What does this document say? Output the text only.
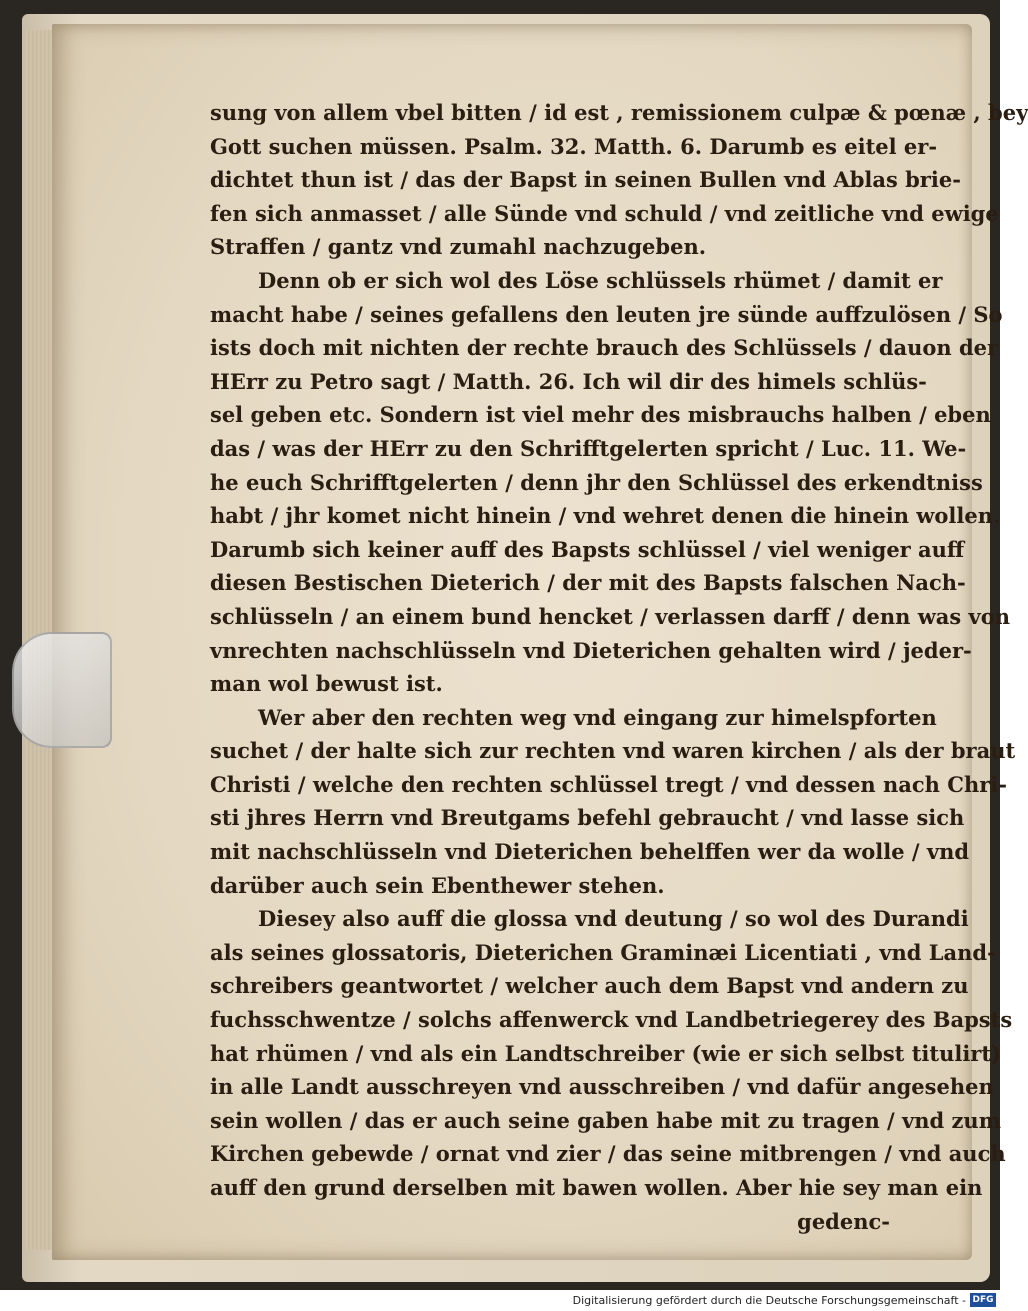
sung von allem vbel bitten / id est , remissionem culpæ & pœnæ , bey
Gott suchen müssen. Psalm. 32. Matth. 6. Darumb es eitel er-
dichtet thun ist / das der Bapst in seinen Bullen vnd Ablas brie-
fen sich anmasset / alle Sünde vnd schuld / vnd zeitliche vnd ewige
Straffen / gantz vnd zumahl nachzugeben.
Denn ob er sich wol des Löse schlüssels rhümet / damit er
macht habe / seines gefallens den leuten jre sünde auffzulösen / So
ists doch mit nichten der rechte brauch des Schlüssels / dauon der
HErr zu Petro sagt / Matth. 26. Ich wil dir des himels schlüs-
sel geben etc. Sondern ist viel mehr des misbrauchs halben / eben
das / was der HErr zu den Schrifftgelerten spricht / Luc. 11. We-
he euch Schrifftgelerten / denn jhr den Schlüssel des erkendtniss
habt / jhr komet nicht hinein / vnd wehret denen die hinein wollen.
Darumb sich keiner auff des Bapsts schlüssel / viel weniger auff
diesen Bestischen Dieterich / der mit des Bapsts falschen Nach-
schlüsseln / an einem bund hencket / verlassen darff / denn was von
vnrechten nachschlüsseln vnd Dieterichen gehalten wird / jeder-
man wol bewust ist.
Wer aber den rechten weg vnd eingang zur himelspforten
suchet / der halte sich zur rechten vnd waren kirchen / als der braut
Christi / welche den rechten schlüssel tregt / vnd dessen nach Chri-
sti jhres Herrn vnd Breutgams befehl gebraucht / vnd lasse sich
mit nachschlüsseln vnd Dieterichen behelffen wer da wolle / vnd
darüber auch sein Ebenthewer stehen.
Diesey also auff die glossa vnd deutung / so wol des Durandi
als seines glossatoris, Dieterichen Graminæi Licentiati , vnd Land-
schreibers geantwortet / welcher auch dem Bapst vnd andern zu
fuchsschwentze / solchs affenwerck vnd Landbetriegerey des Bapsts
hat rhümen / vnd als ein Landtschreiber (wie er sich selbst titulirt)
in alle Landt ausschreyen vnd ausschreiben / vnd dafür angesehen
sein wollen / das er auch seine gaben habe mit zu tragen / vnd zum
Kirchen gebewde / ornat vnd zier / das seine mitbrengen / vnd auch
auff den grund derselben mit bawen wollen. Aber hie sey man ein
gedenc-
Digitalisierung gefördert durch die Deutsche Forschungsgemeinschaft - DFG
